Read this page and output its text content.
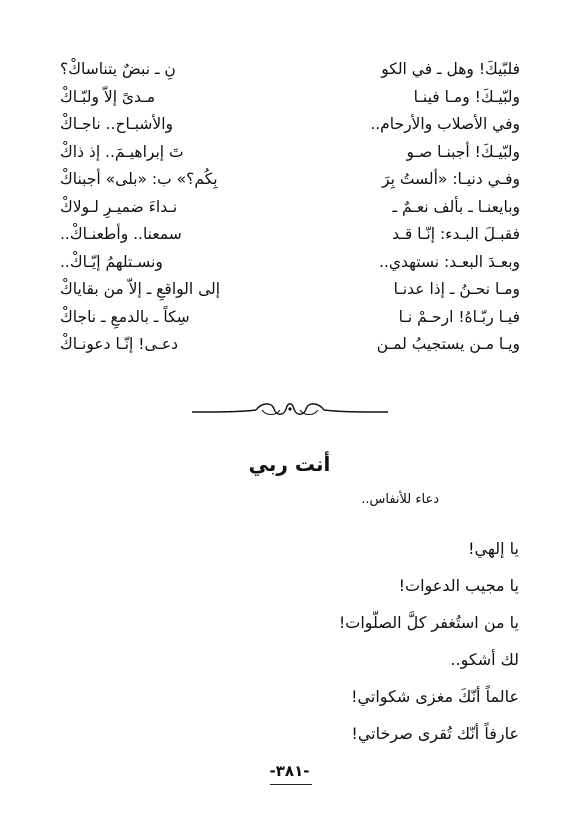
فلبّيكَ! وهل ـ في الكو
نِ ـ نبضٌ يتناساكْ؟
ولبّيـكَ! ومـا فينـا
مـدىً إلاّ ولبّـاكْ
وفي الأصلاب والأرحام..
والأشبـاح.. ناجـاكْ
ولبّيـكَ! أجبنـا صـو
تَ إبراهيـمَ.. إذ ذاكْ
وفـي دنيـا: «ألستُ بِرَ
بِكُم؟» ب: «بلى» أجبناكْ
وبايعنـا ـ بألف نعـمٌ ـ
نـداءَ ضميـرِ لـولاكْ
فقبـلَ البـدء: إنّـا قـد
سمعنا.. وأطعنـاكْ..
وبعـدَ البعـد: نستهدي..
ونسـتلهمُ إيّـاكْ..
ومـا نحـنُ ـ إذا عدنـا
إلى الواقعِ ـ إلاّ من بقاياكْ
فيـا ربّـاهُ! ارحـمْ نـا
سِكاً ـ بالدمعِ ـ ناجاكْ
ويـا مـن يستجيبُ لمـن
دعـى! إنّـا دعونـاكْ
أنت ربي
دعاء للأنفاس..
يا إلهي!
يا مجيب الدعوات!
يا من استُغفر كلَّ الصلّوات!
لك أشكو..
عالماً أنّكَ مغزى شكواتي!
عارفاً أنّك تُقرى صرخاتي!
-٣٨١-
